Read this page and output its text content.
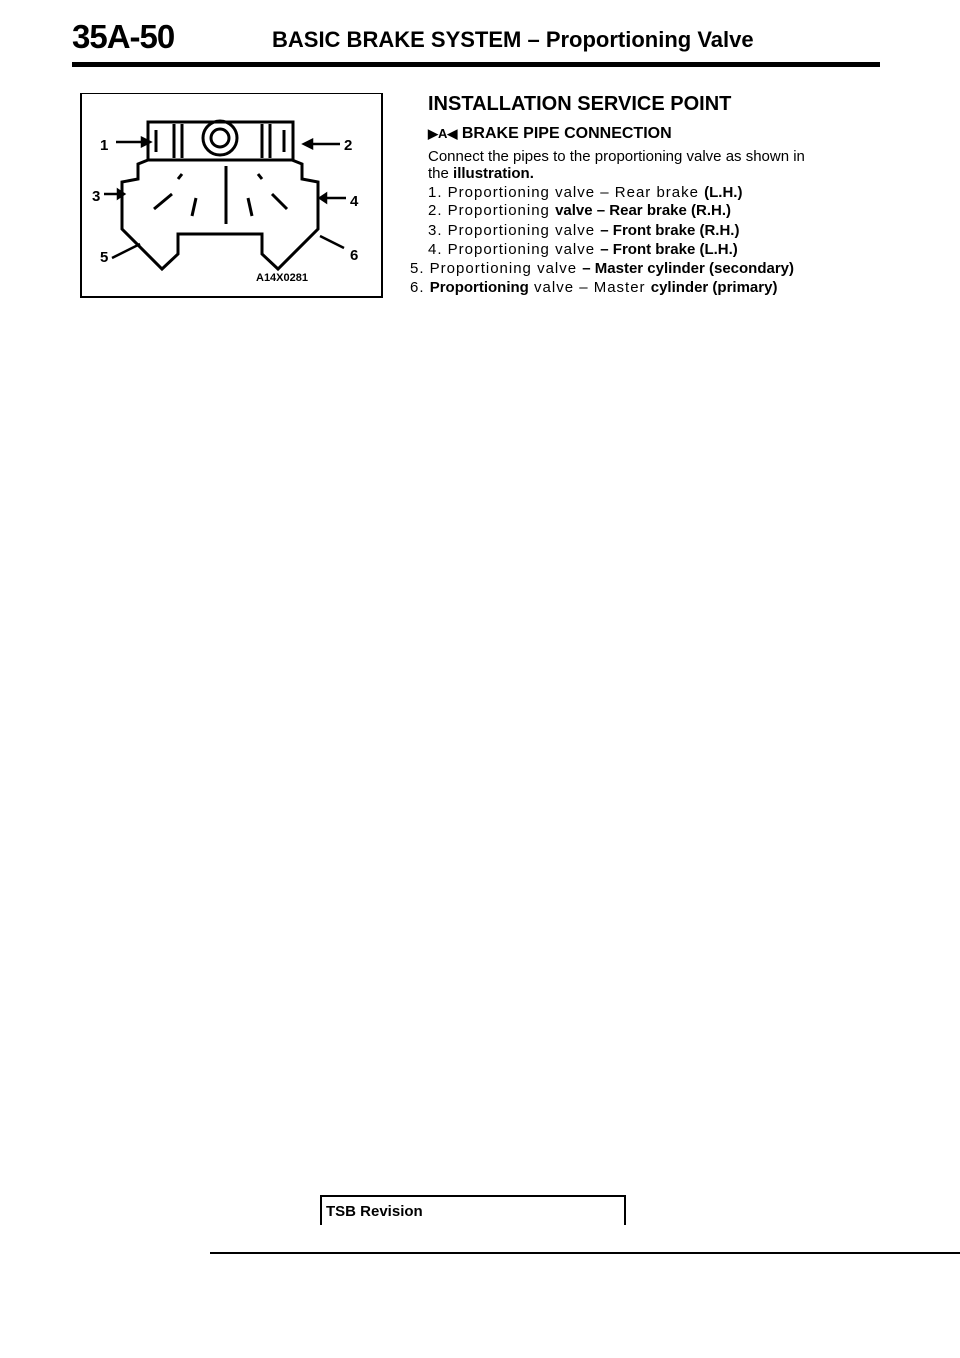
35A-50	BASIC BRAKE SYSTEM – Proportioning Valve
1	2
3	4
5	6
A14X0281
INSTALLATION SERVICE POINT
▶A◀ BRAKE PIPE CONNECTION
Connect the pipes to the proportioning valve as shown in
the illustration.
1. Proportioning valve – Rear brake (L.H.)
2. Proportioning valve – Rear brake (R.H.)
3. Proportioning valve – Front brake (R.H.)
4. Proportioning valve – Front brake (L.H.)
5. Proportioning valve – Master cylinder (secondary)
6. Proportioning valve – Master cylinder (primary)
TSB Revision
